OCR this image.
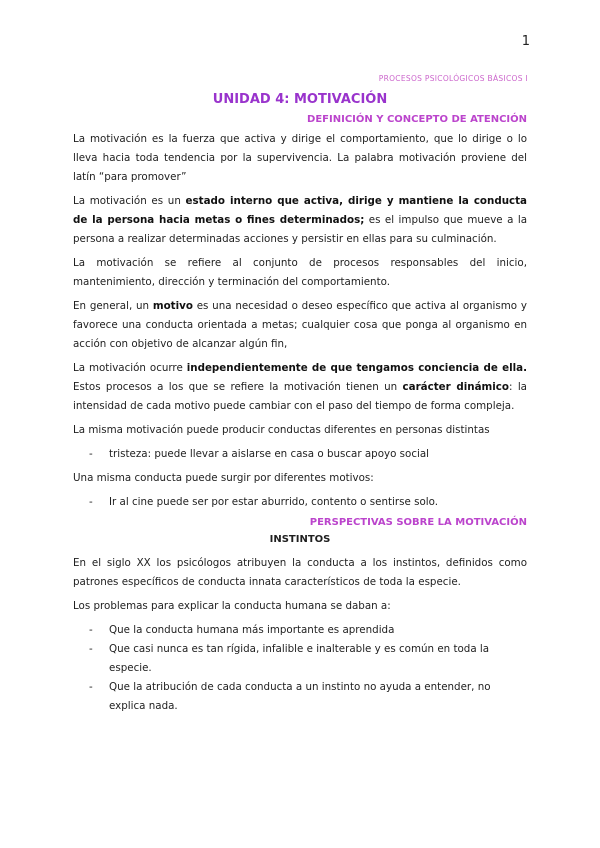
1
PROCESOS PSICOLÓGICOS BÁSICOS I
UNIDAD 4: MOTIVACIÓN
DEFINICIÓN Y CONCEPTO DE ATENCIÓN

La motivación es la fuerza que activa y dirige el comportamiento, que lo dirige o lo lleva hacia toda tendencia por la supervivencia. La palabra motivación proviene del latín “para promover”

La motivación es un estado interno que activa, dirige y mantiene la conducta de la persona hacia metas o fines determinados; es el impulso que mueve a la persona a realizar determinadas acciones y persistir en ellas para su culminación.

La motivación se refiere al conjunto de procesos responsables del inicio, mantenimiento, dirección y terminación del comportamiento.

En general, un motivo es una necesidad o deseo específico que activa al organismo y favorece una conducta orientada a metas; cualquier cosa que ponga al organismo en acción con objetivo de alcanzar algún fin,

La motivación ocurre independientemente de que tengamos conciencia de ella. Estos procesos a los que se refiere la motivación tienen un carácter dinámico: la intensidad de cada motivo puede cambiar con el paso del tiempo de forma compleja.

La misma motivación puede producir conductas diferentes en personas distintas

- tristeza: puede llevar a aislarse en casa o buscar apoyo social

Una misma conducta puede surgir por diferentes motivos:

- Ir al cine puede ser por estar aburrido, contento o sentirse solo.
PERSPECTIVAS SOBRE LA MOTIVACIÓN
INSTINTOS

En el siglo XX los psicólogos atribuyen la conducta a los instintos, definidos como patrones específicos de conducta innata característicos de toda la especie.

Los problemas para explicar la conducta humana se daban a:

- Que la conducta humana más importante es aprendida
- Que casi nunca es tan rígida, infalible e inalterable y es común en toda la especie.
- Que la atribución de cada conducta a un instinto no ayuda a entender, no explica nada.
